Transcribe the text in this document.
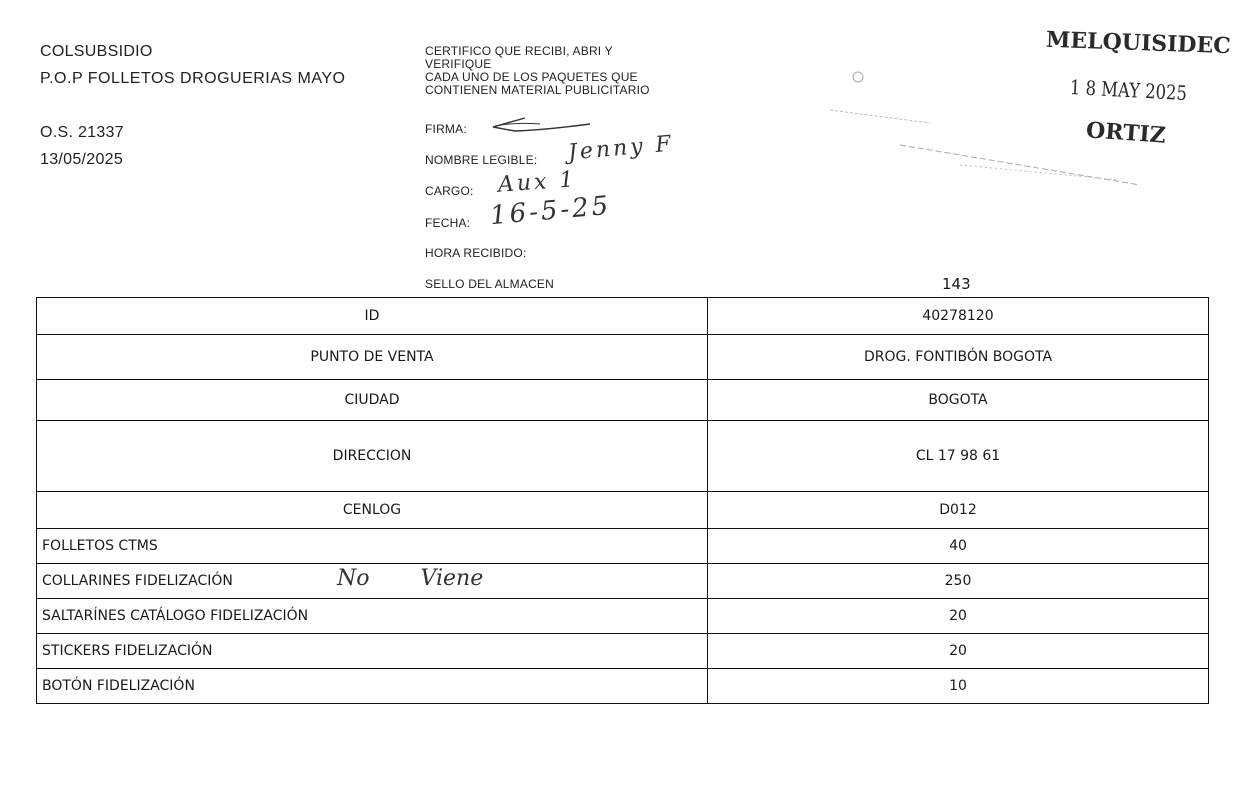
COLSUBSIDIO
P.O.P FOLLETOS DROGUERIAS MAYO
O.S. 21337
13/05/2025
CERTIFICO QUE RECIBI, ABRI Y
VERIFIQUE
CADA UNO DE LOS PAQUETES QUE
CONTIENEN MATERIAL PUBLICITARIO
FIRMA:
NOMBRE LEGIBLE: Jenny F
CARGO: Aux 1
FECHA: 16-5-25
HORA RECIBIDO:
SELLO DEL ALMACEN
MELQUISIDEC
1 8 MAY 2025
ORTIZ
143
ID	40278120
PUNTO DE VENTA	DROG. FONTIBÓN BOGOTA
CIUDAD	BOGOTA
DIRECCION	CL 17 98 61
CENLOG	D012
FOLLETOS CTMS	40
COLLARINES FIDELIZACIÓN No Viene	250
SALTARÍNES CATÁLOGO FIDELIZACIÓN	20
STICKERS FIDELIZACIÓN	20
BOTÓN FIDELIZACIÓN	10
